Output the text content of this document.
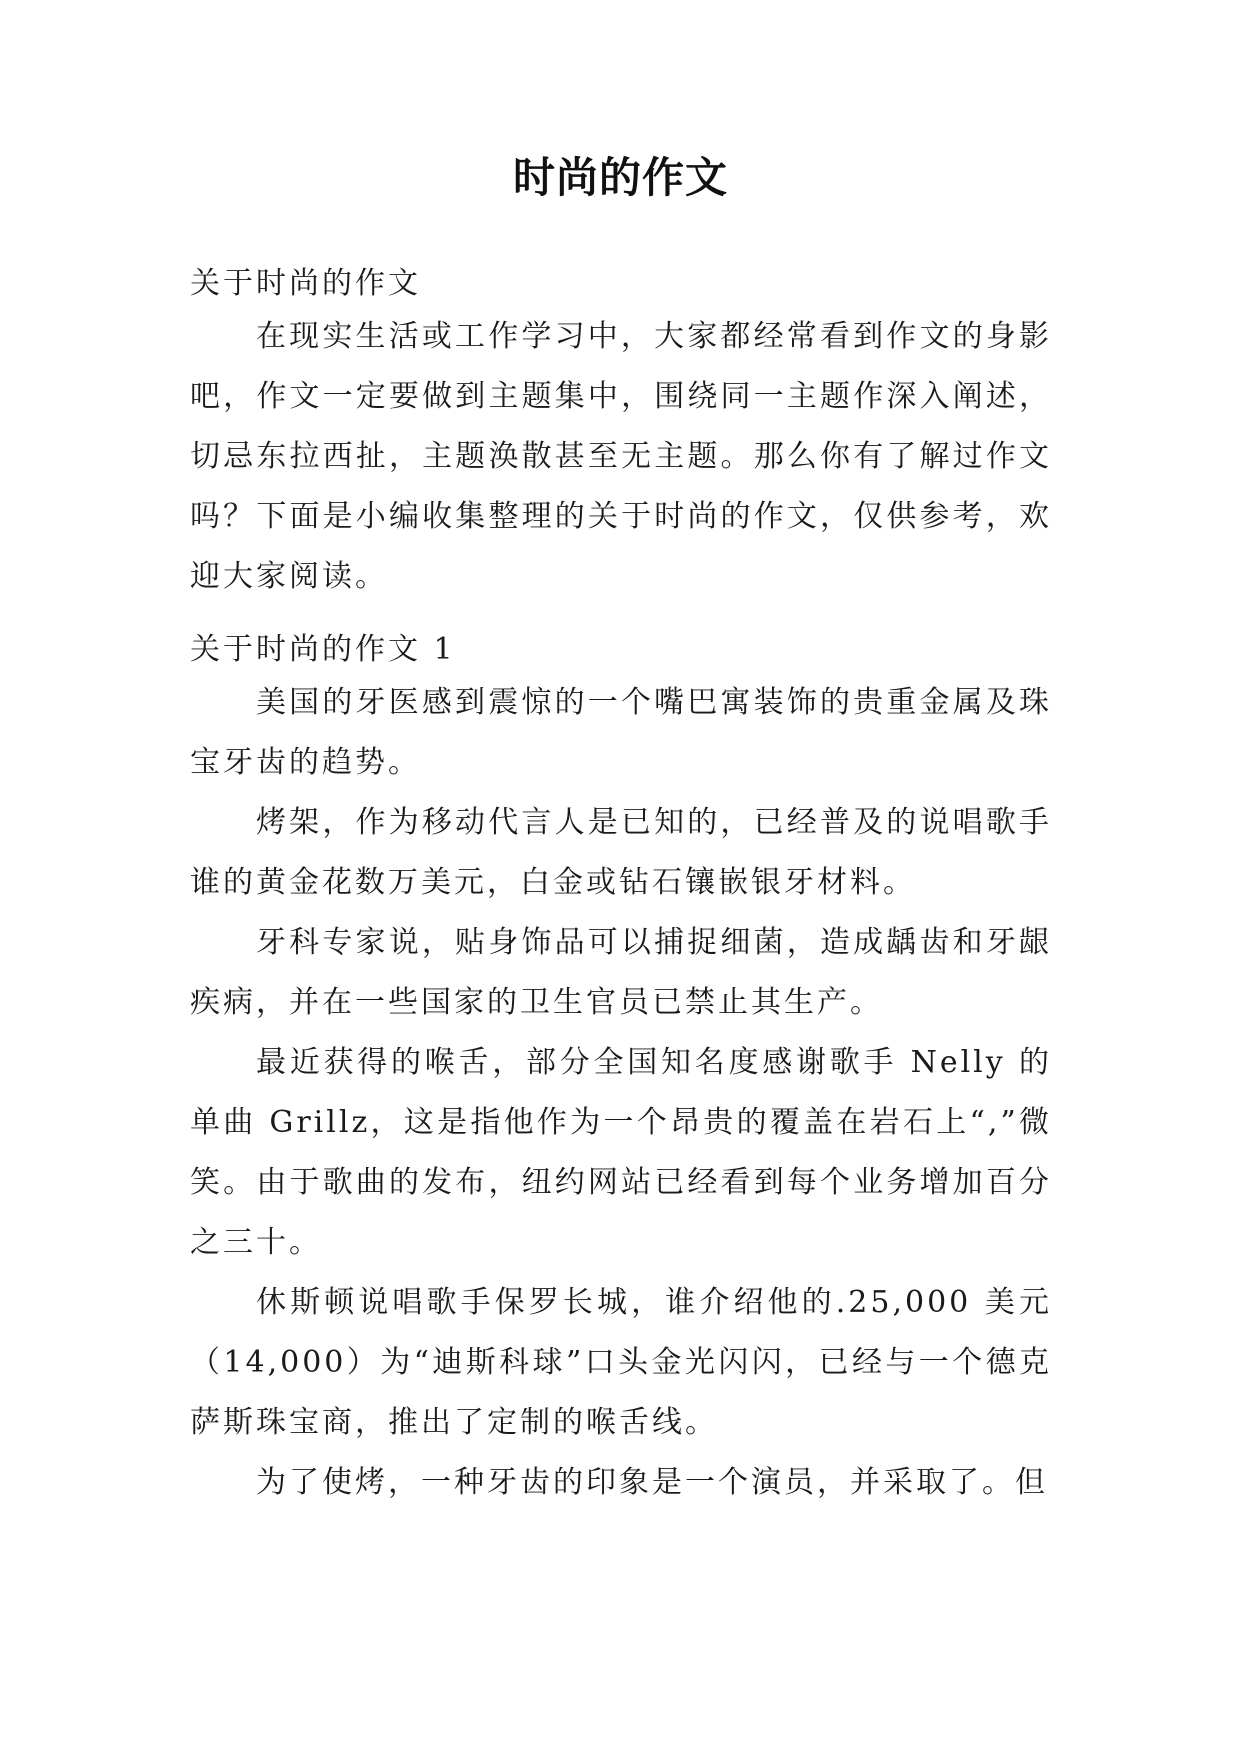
时尚的作文

关于时尚的作文

在现实生活或工作学习中，大家都经常看到作文的身影吧，作文一定要做到主题集中，围绕同一主题作深入阐述，切忌东拉西扯，主题涣散甚至无主题。那么你有了解过作文吗？下面是小编收集整理的关于时尚的作文，仅供参考，欢迎大家阅读。

关于时尚的作文 1

美国的牙医感到震惊的一个嘴巴寓装饰的贵重金属及珠宝牙齿的趋势。

烤架，作为移动代言人是已知的，已经普及的说唱歌手谁的黄金花数万美元，白金或钻石镶嵌银牙材料。

牙科专家说，贴身饰品可以捕捉细菌，造成龋齿和牙龈疾病，并在一些国家的卫生官员已禁止其生产。

最近获得的喉舌，部分全国知名度感谢歌手 Nelly 的单曲 Grillz，这是指他作为一个昂贵的覆盖在岩石上“,”微笑。由于歌曲的发布，纽约网站已经看到每个业务增加百分之三十。

休斯顿说唱歌手保罗长城，谁介绍他的.25,000 美元（14,000）为“迪斯科球”口头金光闪闪，已经与一个德克萨斯珠宝商，推出了定制的喉舌线。

为了使烤，一种牙齿的印象是一个演员，并采取了。但
